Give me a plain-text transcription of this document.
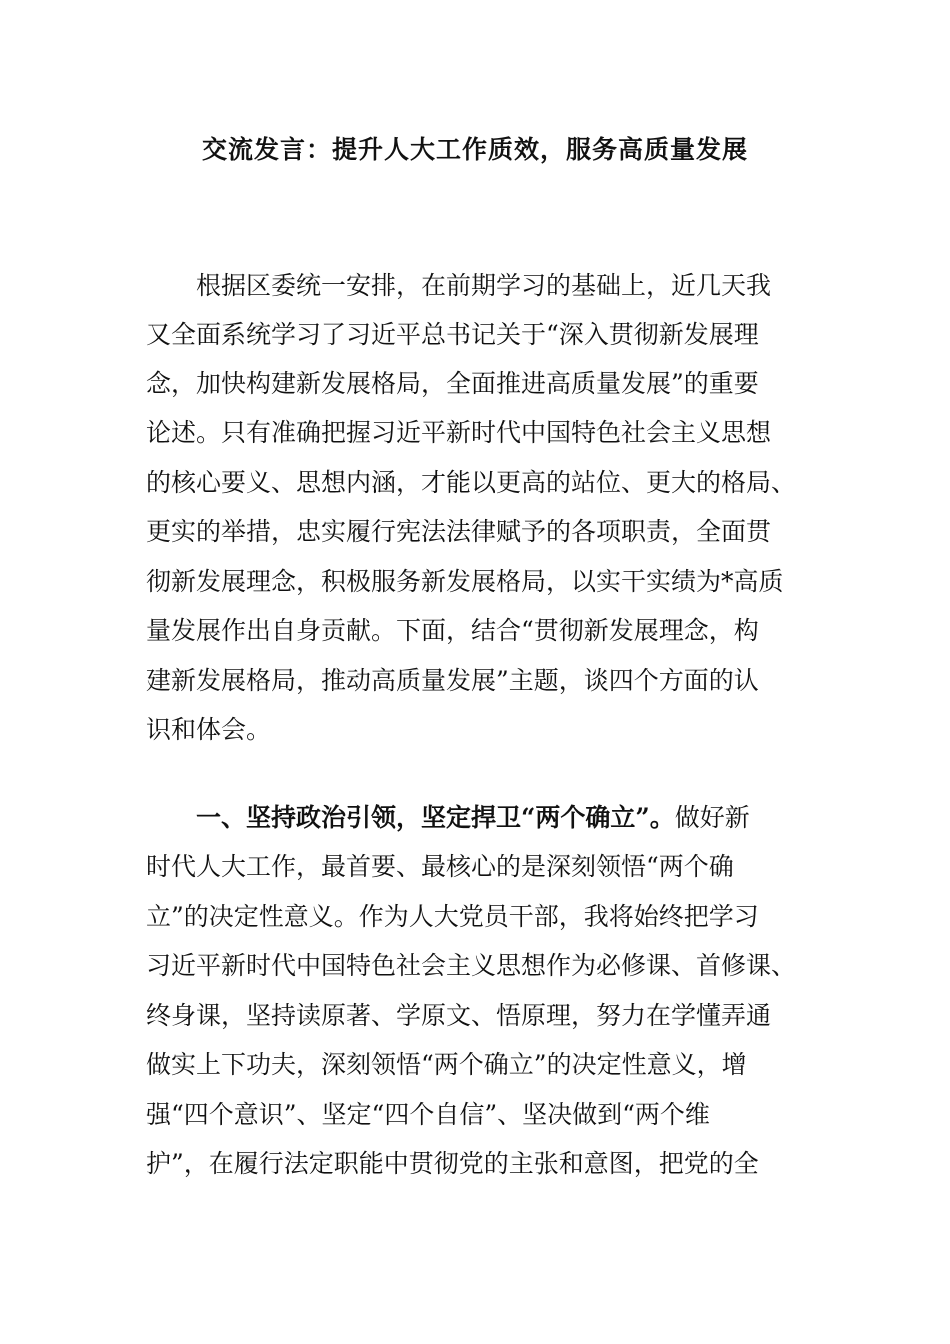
交流发言：提升人大工作质效，服务高质量发展

根据区委统一安排，在前期学习的基础上，近几天我

又全面系统学习了习近平总书记关于“深入贯彻新发展理

念，加快构建新发展格局，全面推进高质量发展”的重要

论述。只有准确把握习近平新时代中国特色社会主义思想

的核心要义、思想内涵，才能以更高的站位、更大的格局、

更实的举措，忠实履行宪法法律赋予的各项职责，全面贯

彻新发展理念，积极服务新发展格局，以实干实绩为*高质

量发展作出自身贡献。下面，结合“贯彻新发展理念，构

建新发展格局，推动高质量发展”主题，谈四个方面的认

识和体会。

一、坚持政治引领，坚定捍卫“两个确立”。做好新

时代人大工作，最首要、最核心的是深刻领悟“两个确

立”的决定性意义。作为人大党员干部，我将始终把学习

习近平新时代中国特色社会主义思想作为必修课、首修课、

终身课，坚持读原著、学原文、悟原理，努力在学懂弄通

做实上下功夫，深刻领悟“两个确立”的决定性意义，增

强“四个意识”、坚定“四个自信”、坚决做到“两个维

护”，在履行法定职能中贯彻党的主张和意图，把党的全
